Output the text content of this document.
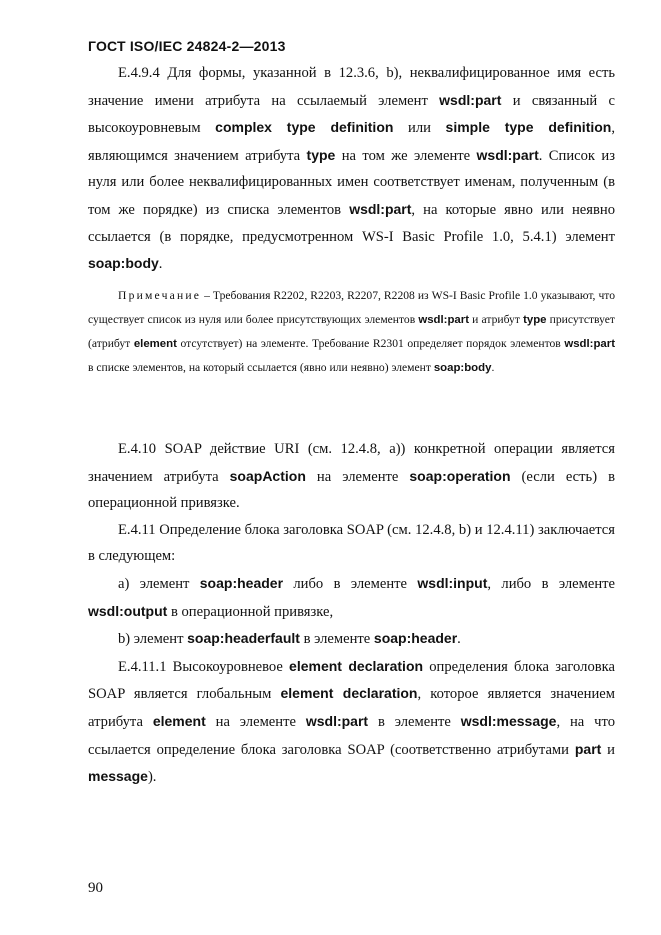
ГОСТ ISO/IEC 24824-2—2013

E.4.9.4 Для формы, указанной в 12.3.6, b), неквалифицированное имя есть значение имени атрибута на ссылаемый элемент wsdl:part и связанный с высокоуровневым complex type definition или simple type definition, являющимся значением атрибута type на том же элементе wsdl:part. Список из нуля или более неквалифицированных имен соответствует именам, полученным (в том же порядке) из списка элементов wsdl:part, на которые явно или неявно ссылается (в порядке, предусмотренном WS-I Basic Profile 1.0, 5.4.1) элемент soap:body.

Примечание – Требования R2202, R2203, R2207, R2208 из WS-I Basic Profile 1.0 указывают, что существует список из нуля или более присутствующих элементов wsdl:part и атрибут type присутствует (атрибут element отсутствует) на элементе. Требование R2301 определяет порядок элементов wsdl:part в списке элементов, на который ссылается (явно или неявно) элемент soap:body.

E.4.10 SOAP действие URI (см. 12.4.8, a)) конкретной операции является значением атрибута soapAction на элементе soap:operation (если есть) в операционной привязке.

E.4.11 Определение блока заголовка SOAP (см. 12.4.8, b) и 12.4.11) заключается в следующем:

a) элемент soap:header либо в элементе wsdl:input, либо в элементе wsdl:output в операционной привязке,

b) элемент soap:headerfault в элементе soap:header.

E.4.11.1 Высокоуровневое element declaration определения блока заголовка SOAP является глобальным element declaration, которое является значением атрибута element на элементе wsdl:part в элементе wsdl:message, на что ссылается определение блока заголовка SOAP (соответственно атрибутами part и message).

90
